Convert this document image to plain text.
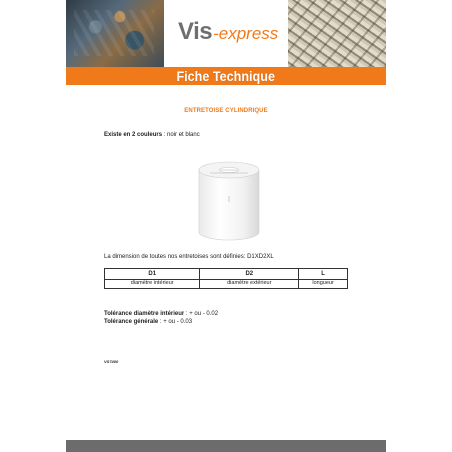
Vis -express
Fiche Technique
ENTRETOISE CYLINDRIQUE
Existe en 2 couleurs : noir et blanc
La dimension de toutes nos entretoises sont définies: D1XD2XL
D1	D2	L
diamètre intérieur	diamètre extérieur	longueur
Tolérance diamètre intérieur : + ou - 0.02
Tolérance générale : + ou - 0.03
VS7400
